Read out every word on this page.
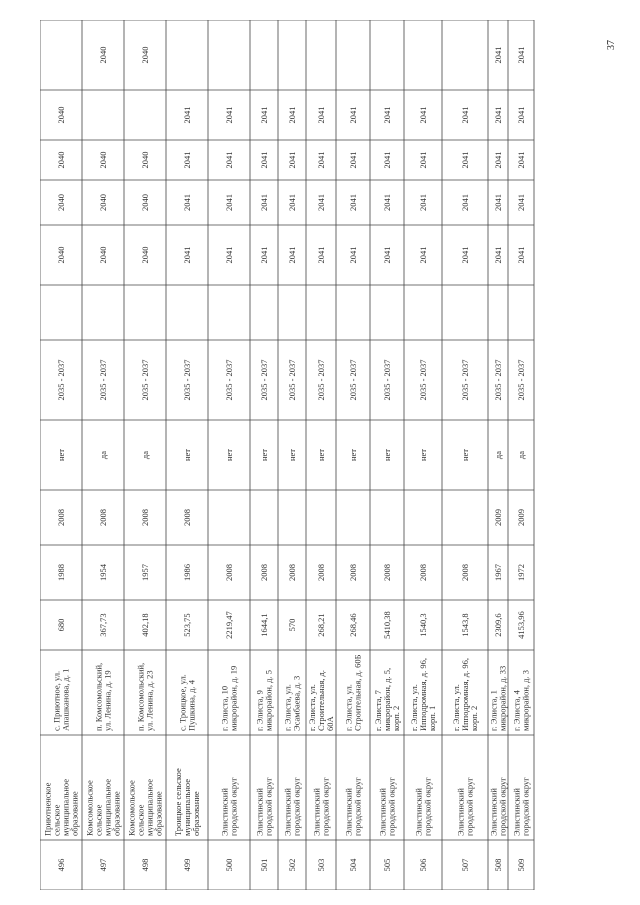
2040
2040
2040
2040
2035 - 2037
нет
2008
1988
680
с. Приютное, ул. Апашканова, д. 1
Приютненское сельское муниципальное образование
496
2040
2040
2040
2040
2035 - 2037
да
2008
1954
367,73
п. Комсомольский, ул. Ленина, д. 19
Комсомольское сельское муниципальное образование
497
2040
2040
2040
2040
2035 - 2037
да
2008
1957
402,18
п. Комсомольский, ул. Ленина, д. 23
Комсомольское сельское муниципальное образование
498
2041
2041
2041
2041
2035 - 2037
нет
2008
1986
523,75
с. Троицкое, ул. Пушкина, д. 4
Троицкое сельское муниципальное образование
499
2041
2041
2041
2041
2035 - 2037
нет
2008
2219,47
г. Элиста, 10 микрорайон, д. 19
Элистинский городской округ
500
2041
2041
2041
2041
2035 - 2037
нет
2008
1644,1
г. Элиста, 9 микрорайон, д. 5
Элистинский городской округ
501
2041
2041
2041
2041
2035 - 2037
нет
2008
570
г. Элиста, ул. Эсамбаева, д. 3
Элистинский городской округ
502
2041
2041
2041
2041
2035 - 2037
нет
2008
268,21
г. Элиста, ул. Строительная, д. 60А
Элистинский городской округ
503
2041
2041
2041
2041
2035 - 2037
нет
2008
268,46
г. Элиста, ул. Строительная, д. 60Б
Элистинский городской округ
504
2041
2041
2041
2041
2035 - 2037
нет
2008
5410,38
г. Элиста, 7 микрорайон, д. 5, корп. 2
Элистинский городской округ
505
2041
2041
2041
2041
2035 - 2037
нет
2008
1540,3
г. Элиста, ул. Ипподромная, д. 96, корп. 1
Элистинский городской округ
506
2041
2041
2041
2041
2035 - 2037
нет
2008
1543,8
г. Элиста, ул. Ипподромная, д. 96, корп. 2
Элистинский городской округ
507
2041
2041
2041
2041
2041
2035 - 2037
да
2009
1967
2309,6
г. Элиста, 1 микрорайон, д. 33
Элистинский городской округ
508
2041
2041
2041
2041
2041
2035 - 2037
да
2009
1972
4153,96
г. Элиста, 4 микрорайон, д. 3
Элистинский городской округ
509
37
